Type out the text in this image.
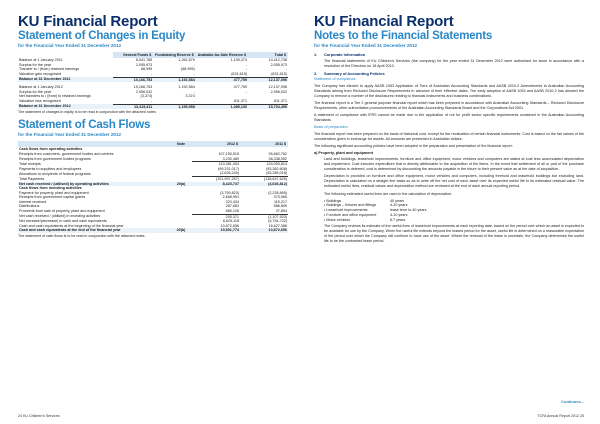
KU Financial Report
Statement of Changes in Equity
for the Financial Year Ended 31 December 2012
	General Funds $	Fundraising Reserve $	Available-for-Sale Reserve $	Total $
Balance at 1 January 2011	8,041,785	1,261,579	1,109,374	10,412,738
Surplus for the year	2,055,973	-	-	2,055,973
Transfer to / (from) retained earnings	68,995	(68,995)	-	-
Valuation gain recognised	-	-	(631,615)	(631,615)
Balance at 31 December 2011	10,166,753	1,192,584	477,759	12,137,096

Balance at 1 January 2012	10,166,753	1,192,584	477,759	12,137,096
Surplus for the year	2,956,032	-	-	2,956,032
Net transfers to / (from) to retained earnings	(3,374)	3,374		
Valuation loss recognised	-	-	611,371	611,371
Balance at 31 December 2012	13,419,411	1,195,958	1,089,130	15,704,499
The statement of changes in equity is to be read in conjunction with the attached notes.
Statement of Cash Flows
for the Financial Year Ended 31 December 2012
	Note	2012 $	2011 $
Cash flows from operating activities			
Receipts from customers, government bodies and centres		107,150,515	95,662,762
Receipts from government bodies programs		3,230,489	38,338,052
Total receipts		110,381,004	134,000,814
Payments to suppliers and employees		(99,331,017)	(93,362,608)
Allocations to recipients of federal programs		(2,626,240)	(45,285,018)
Total Payments		(101,957,257)	(138,647,626)
Net cash received / (utilised) by operating activities	20(a)	8,423,747	(4,646,812)
Cash flows from investing activities			
Payment for property, plant and equipment		(3,759,823)	(2,228,895)
Receipts from government capital grants		2,668,951	373,965
Interest received		323,434	115,217
Distributions		287,683	586,899
Proceeds from sale of property, plant and equipment		680,126	37,894
Net cash received / (utilised) in investing activities		205,371	(1,107,920)
Net increase/(decrease) in cash and cash equivalents		8,629,118	(5,754,732)
Cash and cash equivalents at the beginning of the financial year		10,872,656	16,627,388
Cash and cash equivalents at the end of the financial year	20(b)	19,501,774	10,872,656
The statement of cash flows is to be read in conjunction with the attached notes.
24 KU Children's Services
KU Financial Report
Notes to the Financial Statements
for the Financial Year Ended 31 December 2012
1. Corporate Information

The financial statements of KU Children's Services (the company) for the year ended 31 December 2012 were authorised for issue in accordance with a resolution of the Directors on 18 April 2013.

2. Summary of Accounting Policies
Statement of compliance

The Company has elected to apply AASB 1053 Application of Tiers of Australian Accounting Standards and AASB 2010-2 Amendments to Australian Accounting Standards arising from Reduced Disclosure Requirements in advance of their effective dates. The early adoption of AASB 1053 and AASB 2010-2 has allowed the Company to remove a number of the disclosures relating to financial instruments and business combinations.

The financial report is a Tier 2 general purpose financial report which has been prepared in accordance with Australian Accounting Standards – Reduced Disclosure Requirements, other authoritative pronouncements of the Australian Accounting Standards Board and the Corporations Act 2001.

A statement of compliance with IFRS cannot be made due to the application of not for profit sector specific requirements contained in the Australian Accounting Standards.

Basis of preparation

The financial report has been prepared on the basis of historical cost, except for the revaluation of certain financial instruments. Cost is based on the fair values of the consideration given in exchange for assets. All amounts are presented in Australian dollars.

The following significant accounting policies have been adopted in the preparation and presentation of the financial report:

a) Property, plant and equipment

Land and buildings, leasehold improvements, furniture and office equipment, motor vehicles and computers are stated at cost less accumulated depreciation and impairment. Cost includes expenditure that is directly attributable to the acquisition of the items. In the event that settlement of all or part of the purchase consideration is deferred, cost is determined by discounting the amounts payable in the future to their present value as at the date of acquisition.

Depreciation is provided on furniture and office equipment, motor vehicles and computers, including freehold and leasehold buildings but excluding land. Depreciation is calculated on a straight line basis so as to write off the net cost of each asset over its expected useful life to its estimated residual value. The estimated useful lives, residual values and depreciation method are reviewed at the end of each annual reporting period.

The following estimated useful lives are used in the calculation of depreciation:

• Buildings	40 years
• Buildings – fixtures and fittings	4-10 years
• Leasehold improvements	lease term to 40 years
• Furniture and office equipment	4-10 years
• Motor vehicles	6.7 years

The Company reviews its estimate of the useful lives of leasehold improvements at each reporting date, based on the period over which an asset is expected to be available for use by the Company. When the useful life extends beyond the leased period for the asset, useful life is determined on a reasonable expectation of the period over which the Company will continue to have use of the asset. Where the renewal of the lease is uncertain, the Company determines the useful life to be the contracted lease period.

Continues...
TCFA Annual Report 2012 25
